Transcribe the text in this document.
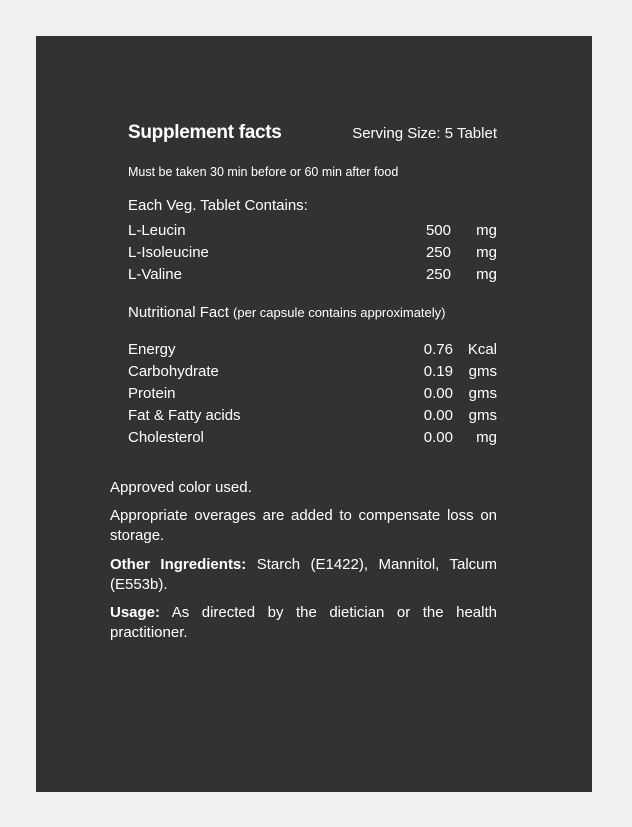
Supplement facts	Serving Size: 5 Tablet
Must be taken 30 min before or 60 min after food
Each Veg. Tablet Contains:
L-Leucin	500	mg
L-Isoleucine	250	mg
L-Valine	250	mg
Nutritional Fact (per capsule contains approximately)
Energy	0.76 Kcal
Carbohydrate	0.19	gms
Protein	0.00	gms
Fat & Fatty acids	0.00	gms
Cholesterol	0.00	mg
Approved color used.
Appropriate overages are added to compensate loss on storage.
Other Ingredients: Starch (E1422), Mannitol, Talcum (E553b).
Usage: As directed by the dietician or the health practitioner.
